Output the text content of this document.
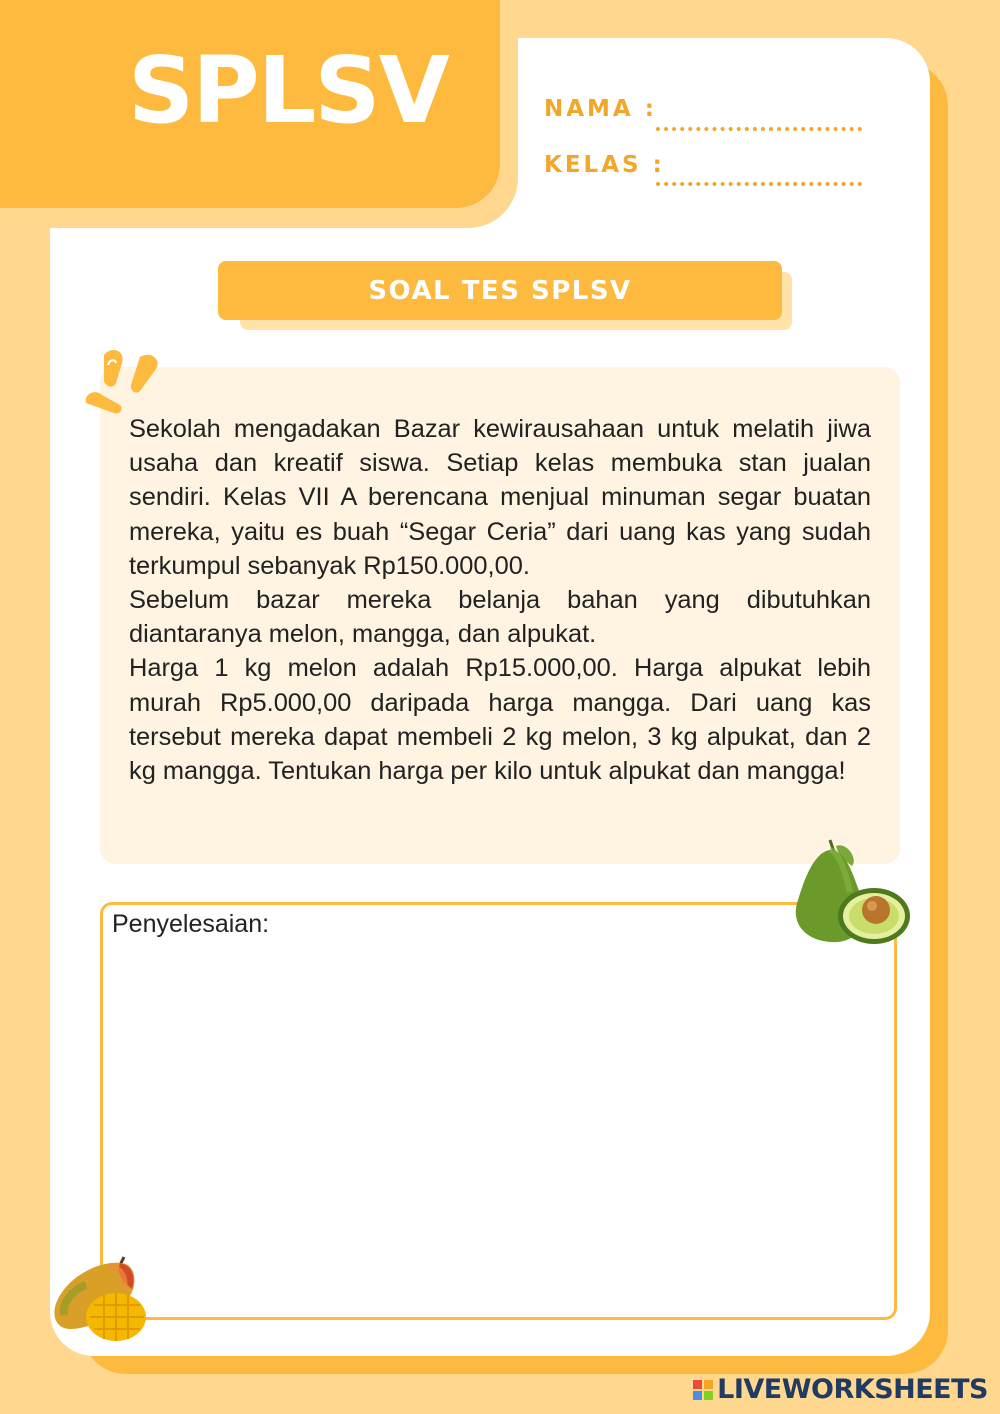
SPLSV	NAMA :
KELAS :
SOAL TES SPLSV

Sekolah mengadakan Bazar kewirausahaan untuk melatih jiwa usaha dan kreatif siswa. Setiap kelas membuka stan jualan sendiri. Kelas VII A berencana menjual minuman segar buatan mereka, yaitu es buah “Segar Ceria” dari uang kas yang sudah terkumpul sebanyak Rp150.000,00.

Sebelum bazar mereka belanja bahan yang dibutuhkan diantaranya melon, mangga, dan alpukat.

Harga 1 kg melon adalah Rp15.000,00. Harga alpukat lebih murah Rp5.000,00 daripada harga mangga. Dari uang kas tersebut mereka dapat membeli 2 kg melon, 3 kg alpukat, dan 2 kg mangga. Tentukan harga per kilo untuk alpukat dan mangga!

Penyelesaian:
LIVEWORKSHEETS
